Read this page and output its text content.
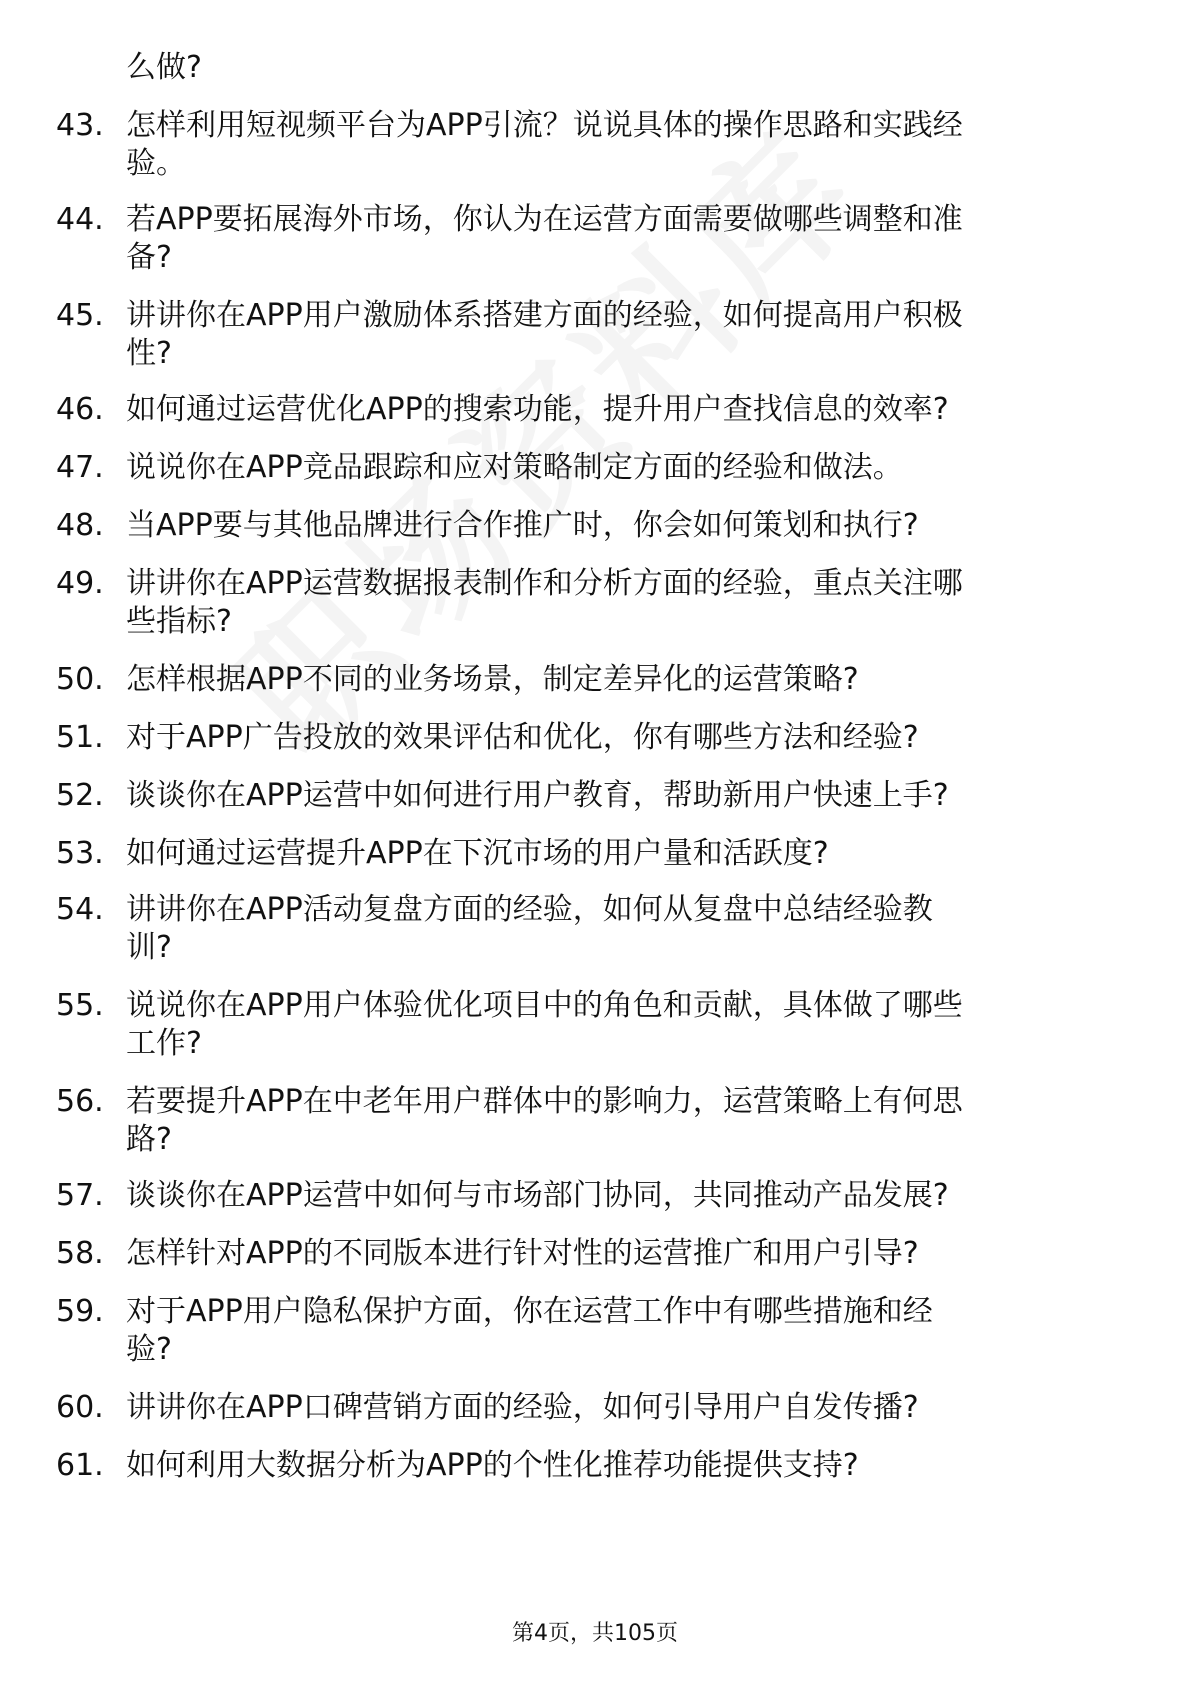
么做?
43. 怎样利用短视频平台为APP引流？说说具体的操作思路和实践经
验。
44. 若APP要拓展海外市场，你认为在运营方面需要做哪些调整和准
备?
45. 讲讲你在APP用户激励体系搭建方面的经验，如何提高用户积极
性?
46. 如何通过运营优化APP的搜索功能，提升用户查找信息的效率?
47. 说说你在APP竞品跟踪和应对策略制定方面的经验和做法。
48. 当APP要与其他品牌进行合作推广时，你会如何策划和执行?
49. 讲讲你在APP运营数据报表制作和分析方面的经验，重点关注哪
些指标?
50. 怎样根据APP不同的业务场景，制定差异化的运营策略?
51. 对于APP广告投放的效果评估和优化，你有哪些方法和经验?
52. 谈谈你在APP运营中如何进行用户教育，帮助新用户快速上手?
53. 如何通过运营提升APP在下沉市场的用户量和活跃度?
54. 讲讲你在APP活动复盘方面的经验，如何从复盘中总结经验教
训?
55. 说说你在APP用户体验优化项目中的角色和贡献，具体做了哪些
工作?
56. 若要提升APP在中老年用户群体中的影响力，运营策略上有何思
路?
57. 谈谈你在APP运营中如何与市场部门协同，共同推动产品发展?
58. 怎样针对APP的不同版本进行针对性的运营推广和用户引导?
59. 对于APP用户隐私保护方面，你在运营工作中有哪些措施和经
验?
60. 讲讲你在APP口碑营销方面的经验，如何引导用户自发传播?
61. 如何利用大数据分析为APP的个性化推荐功能提供支持?
第4页，共105页
